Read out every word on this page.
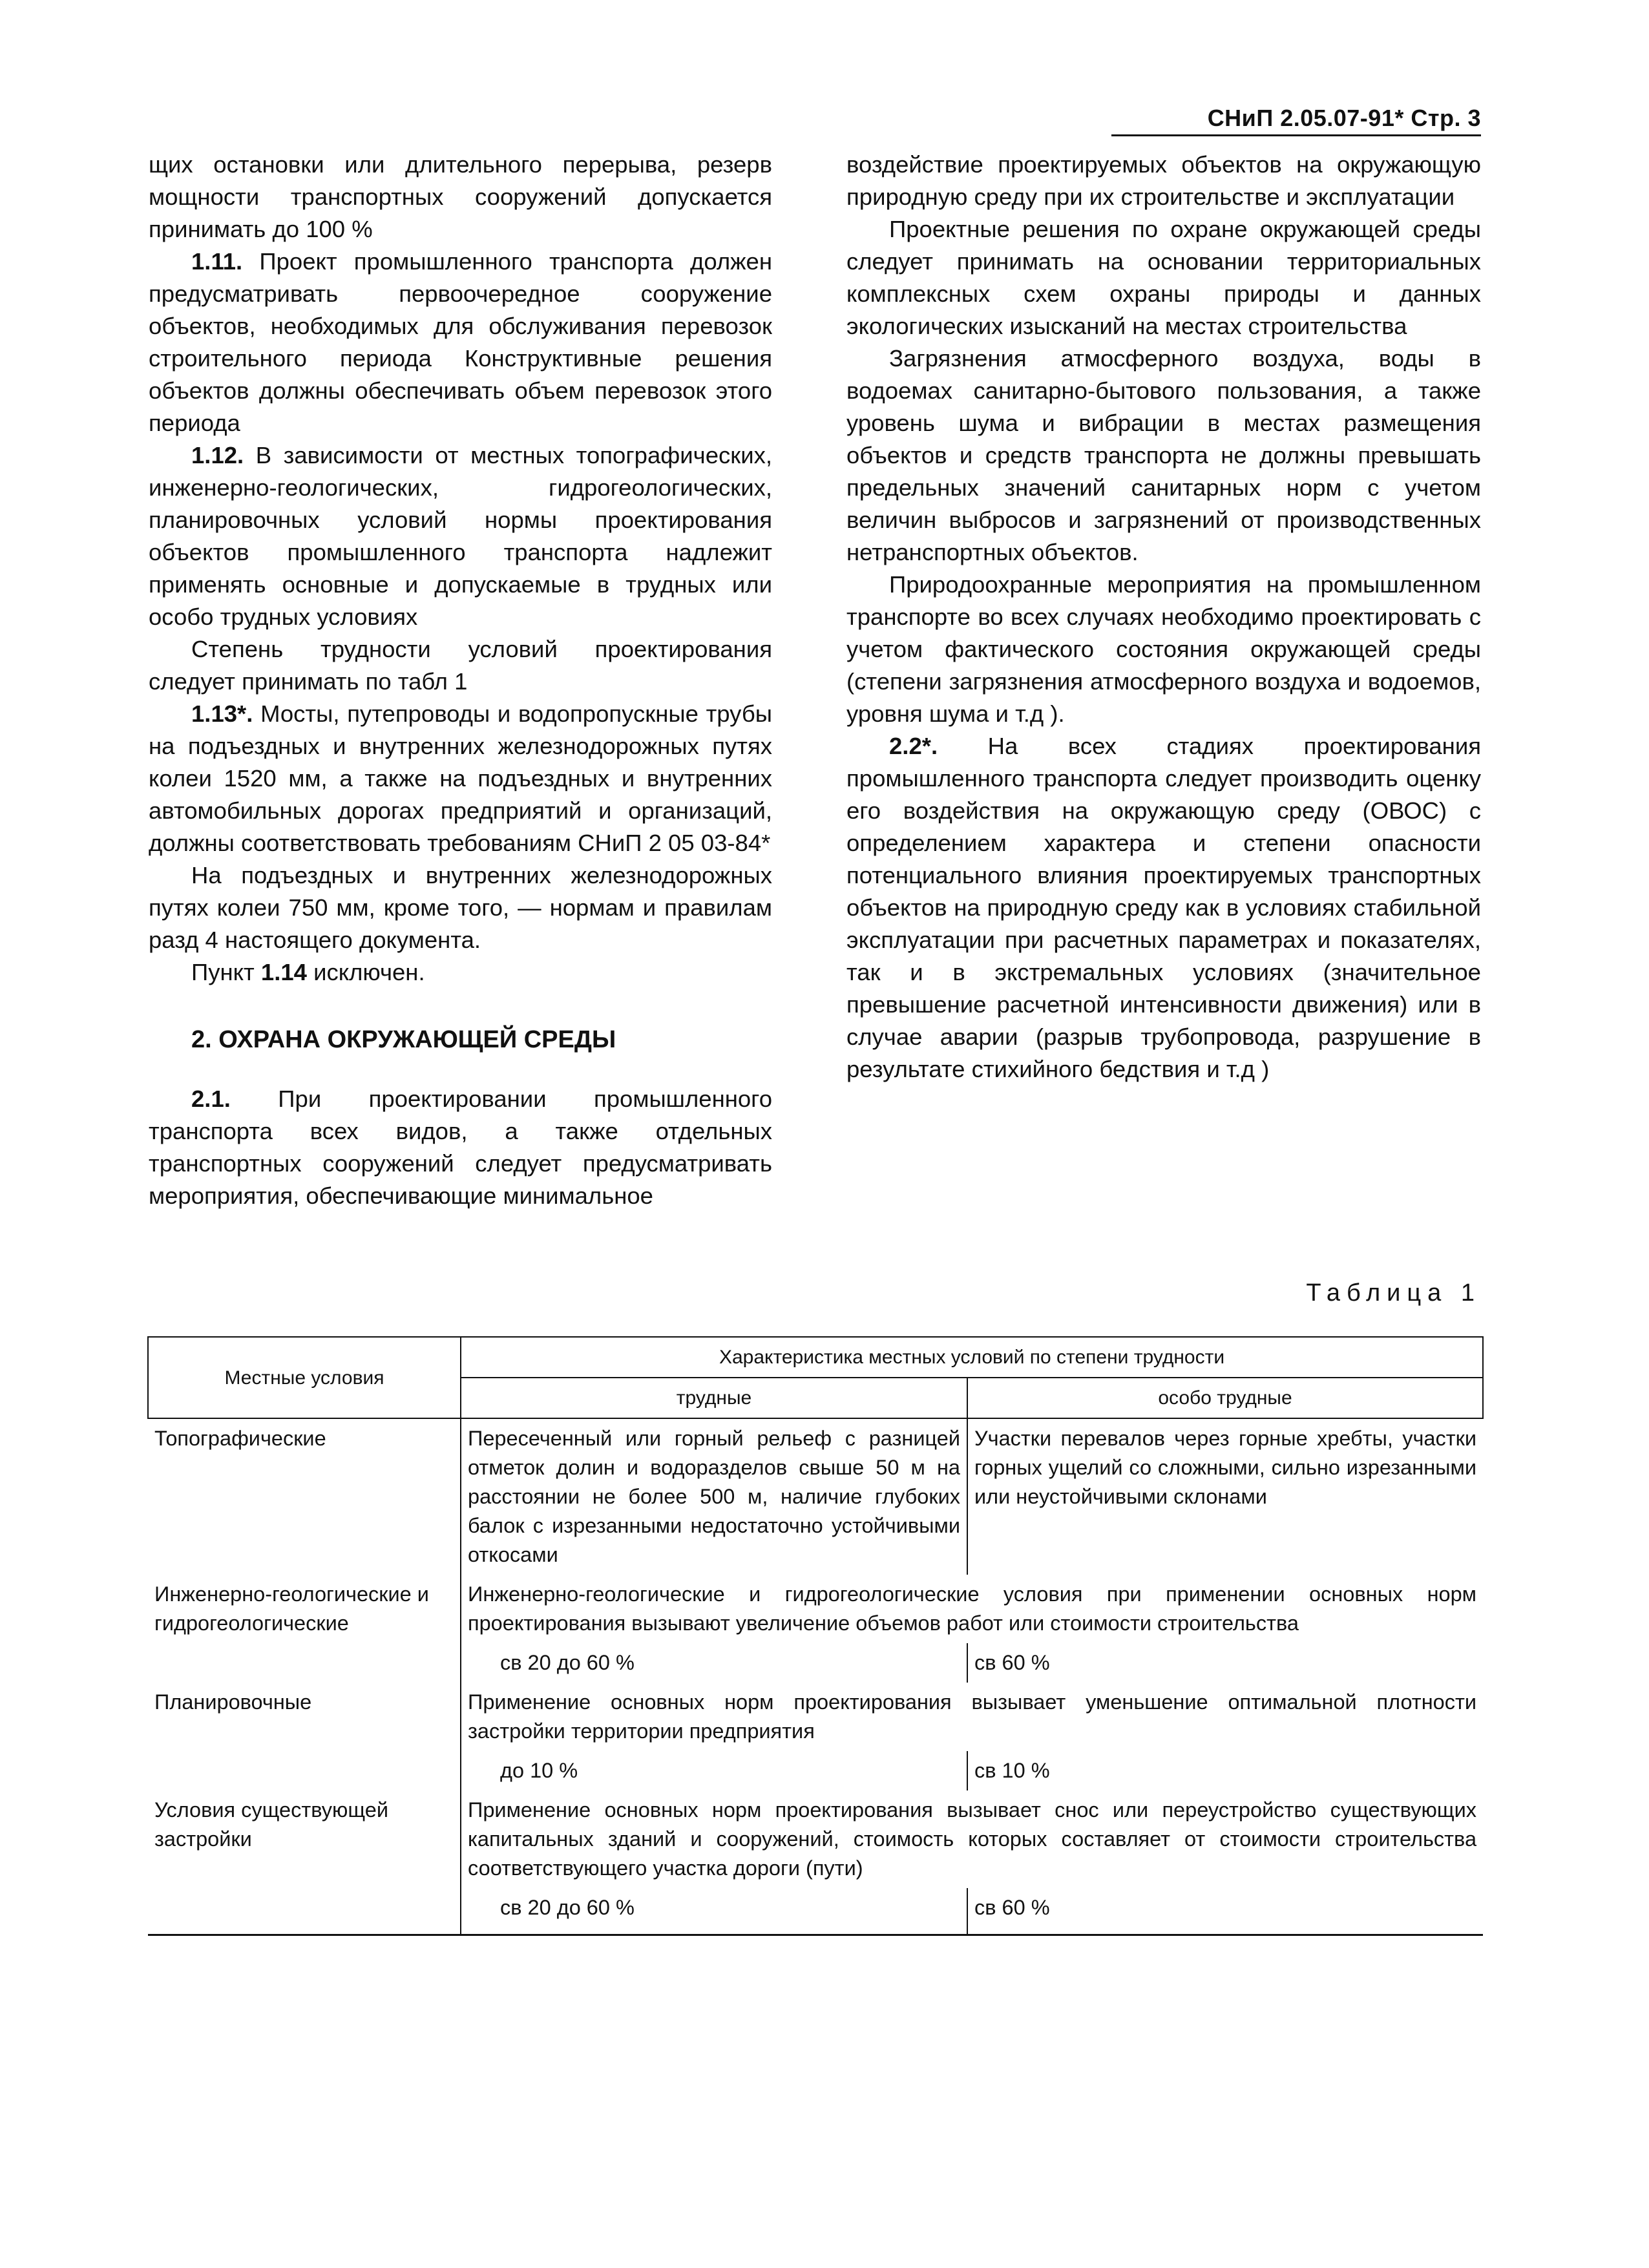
СНиП 2.05.07-91* Стр. 3

щих остановки или длительного перерыва, резерв мощности транспортных сооружений допускается принимать до 100 %

1.11. Проект промышленного транспорта должен предусматривать первоочередное сооружение объектов, необходимых для обслуживания перевозок строительного периода Конструктивные решения объектов должны обеспечивать объем перевозок этого периода

1.12. В зависимости от местных топографических, инженерно-геологических, гидрогеологических, планировочных условий нормы проектирования объектов промышленного транспорта надлежит применять основные и допускаемые в трудных или особо трудных условиях

Степень трудности условий проектирования следует принимать по табл 1

1.13*. Мосты, путепроводы и водопропускные трубы на подъездных и внутренних железнодорожных путях колеи 1520 мм, а также на подъездных и внутренних автомобильных дорогах предприятий и организаций, должны соответствовать требованиям СНиП 2 05 03-84*

На подъездных и внутренних железнодорожных путях колеи 750 мм, кроме того, — нормам и правилам разд 4 настоящего документа.

Пункт 1.14 исключен.

2. ОХРАНА ОКРУЖАЮЩЕЙ СРЕДЫ

2.1. При проектировании промышленного транспорта всех видов, а также отдельных транспортных сооружений следует предусматривать мероприятия, обеспечивающие минимальное

воздействие проектируемых объектов на окружающую природную среду при их строительстве и эксплуатации

Проектные решения по охране окружающей среды следует принимать на основании территориальных комплексных схем охраны природы и данных экологических изысканий на местах строительства

Загрязнения атмосферного воздуха, воды в водоемах санитарно-бытового пользования, а также уровень шума и вибрации в местах размещения объектов и средств транспорта не должны превышать предельных значений санитарных норм с учетом величин выбросов и загрязнений от производственных нетранспортных объектов.

Природоохранные мероприятия на промышленном транспорте во всех случаях необходимо проектировать с учетом фактического состояния окружающей среды (степени загрязнения атмосферного воздуха и водоемов, уровня шума и т.д ).

2.2*. На всех стадиях проектирования промышленного транспорта следует производить оценку его воздействия на окружающую среду (ОВОС) с определением характера и степени опасности потенциального влияния проектируемых транспортных объектов на природную среду как в условиях стабильной эксплуатации при расчетных параметрах и показателях, так и в экстремальных условиях (значительное превышение расчетной интенсивности движения) или в случае аварии (разрыв трубопровода, разрушение в результате стихийного бедствия и т.д )

Таблица 1
Местные условия	Характеристика местных условий по степени трудности	
	трудные	особо трудные
Топографические	Пересеченный или горный рельеф с разницей отметок долин и водоразделов свыше 50 м на расстоянии не более 500 м, наличие глубоких балок с изрезанными недостаточно устойчивыми откосами	Участки перевалов через горные хребты, участки горных ущелий со сложными, сильно изрезанными или неустойчивыми склонами
Инженерно-геологические и гидрогеологические	Инженерно-геологические и гидрогеологические условия при применении основных норм проектирования вызывают увеличение объемов работ или стоимости строительства	
	св 20 до 60 %	св 60 %
Планировочные	Применение основных норм проектирования вызывает уменьшение оптимальной плотности застройки территории предприятия	
	до 10 %	св 10 %
Условия существующей застройки	Применение основных норм проектирования вызывает снос или переустройство существующих капитальных зданий и сооружений, стоимость которых составляет от стоимости строительства соответствующего участка дороги (пути)	
	св 20 до 60 %	св 60 %
